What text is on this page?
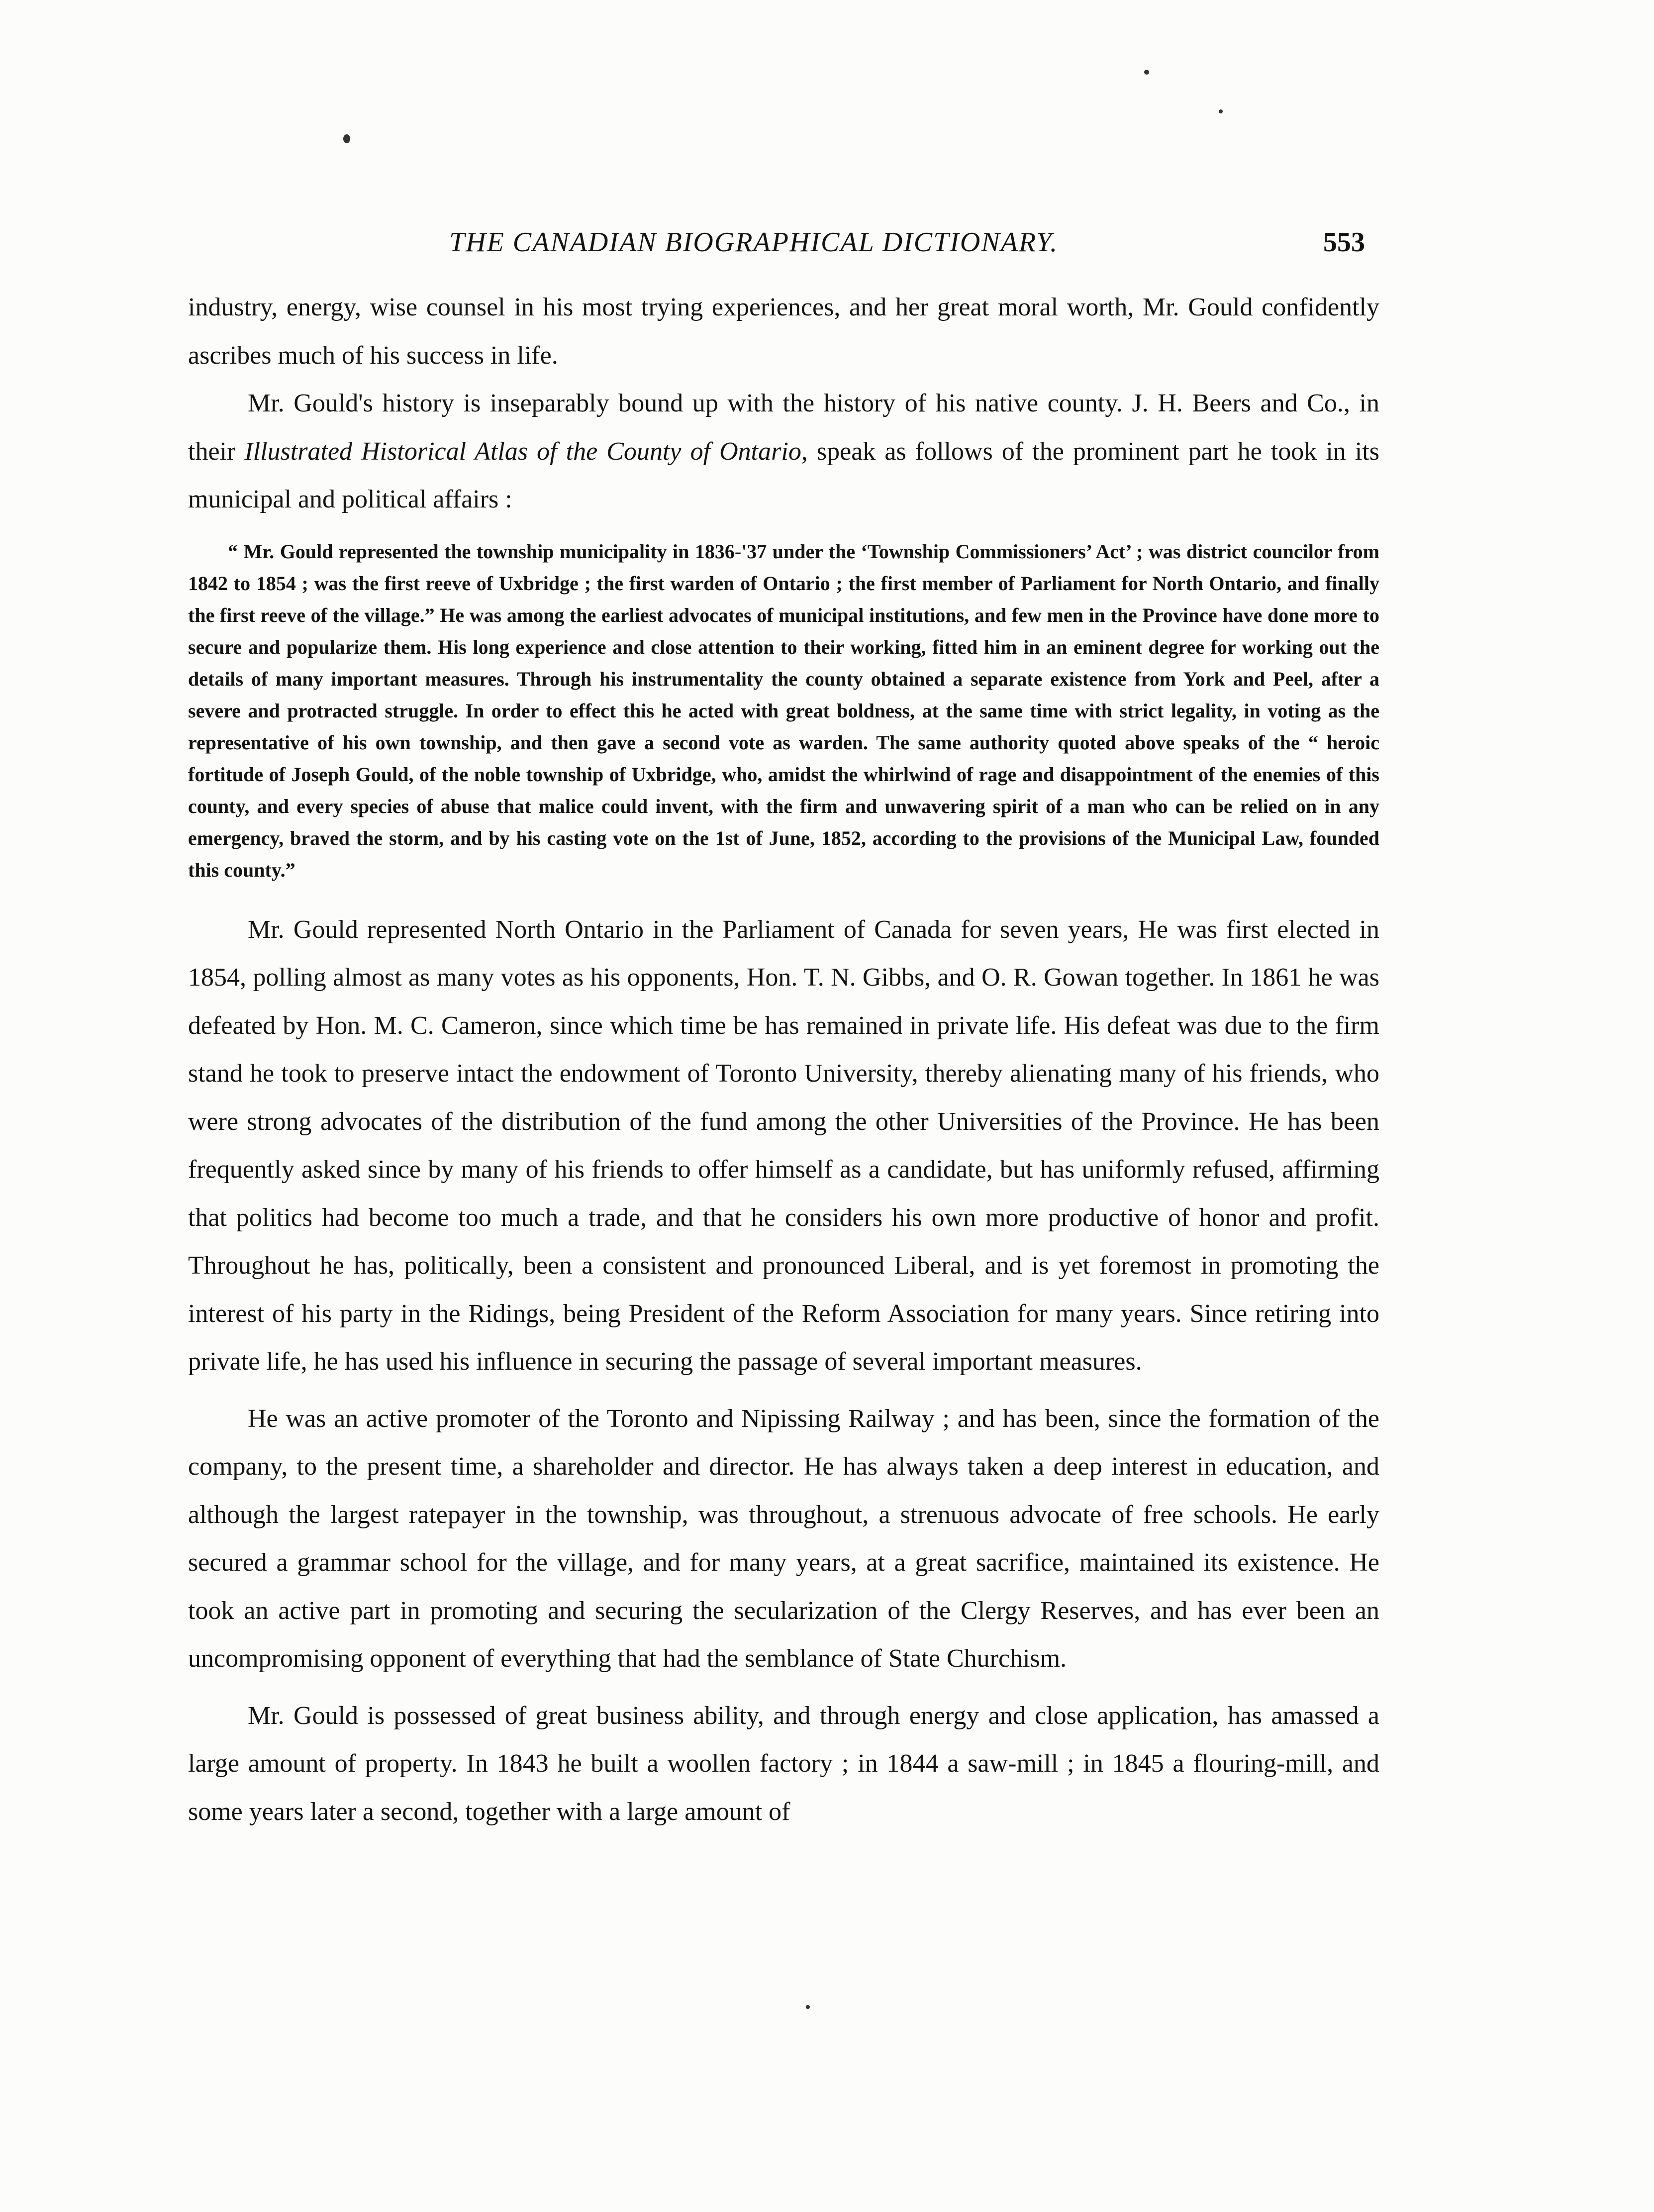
THE CANADIAN BIOGRAPHICAL DICTIONARY.	553

industry, energy, wise counsel in his most trying experiences, and her great moral worth, Mr. Gould confidently ascribes much of his success in life.

Mr. Gould's history is inseparably bound up with the history of his native county. J. H. Beers and Co., in their Illustrated Historical Atlas of the County of Ontario, speak as follows of the prominent part he took in its municipal and political affairs :

“ Mr. Gould represented the township municipality in 1836-'37 under the ‘Township Commissioners’ Act’ ; was district councilor from 1842 to 1854 ; was the first reeve of Uxbridge ; the first warden of Ontario ; the first member of Parliament for North Ontario, and finally the first reeve of the village.” He was among the earliest advocates of municipal institutions, and few men in the Province have done more to secure and popularize them. His long experience and close attention to their working, fitted him in an eminent degree for working out the details of many important measures. Through his instrumentality the county obtained a separate existence from York and Peel, after a severe and protracted struggle. In order to effect this he acted with great boldness, at the same time with strict legality, in voting as the representative of his own township, and then gave a second vote as warden. The same authority quoted above speaks of the “ heroic fortitude of Joseph Gould, of the noble township of Uxbridge, who, amidst the whirlwind of rage and disappointment of the enemies of this county, and every species of abuse that malice could invent, with the firm and unwavering spirit of a man who can be relied on in any emergency, braved the storm, and by his casting vote on the 1st of June, 1852, according to the provisions of the Municipal Law, founded this county.”

Mr. Gould represented North Ontario in the Parliament of Canada for seven years, He was first elected in 1854, polling almost as many votes as his opponents, Hon. T. N. Gibbs, and O. R. Gowan together. In 1861 he was defeated by Hon. M. C. Cameron, since which time be has remained in private life. His defeat was due to the firm stand he took to preserve intact the endowment of Toronto University, thereby alienating many of his friends, who were strong advocates of the distribution of the fund among the other Universities of the Province. He has been frequently asked since by many of his friends to offer himself as a candidate, but has uniformly refused, affirming that politics had become too much a trade, and that he considers his own more productive of honor and profit. Throughout he has, politically, been a consistent and pronounced Liberal, and is yet foremost in promoting the interest of his party in the Ridings, being President of the Reform Association for many years. Since retiring into private life, he has used his influence in securing the passage of several important measures.

He was an active promoter of the Toronto and Nipissing Railway ; and has been, since the formation of the company, to the present time, a shareholder and director. He has always taken a deep interest in education, and although the largest ratepayer in the township, was throughout, a strenuous advocate of free schools. He early secured a grammar school for the village, and for many years, at a great sacrifice, maintained its existence. He took an active part in promoting and securing the secularization of the Clergy Reserves, and has ever been an uncompromising opponent of everything that had the semblance of State Churchism.

Mr. Gould is possessed of great business ability, and through energy and close application, has amassed a large amount of property. In 1843 he built a woollen factory ; in 1844 a saw-mill ; in 1845 a flouring-mill, and some years later a second, together with a large amount of
